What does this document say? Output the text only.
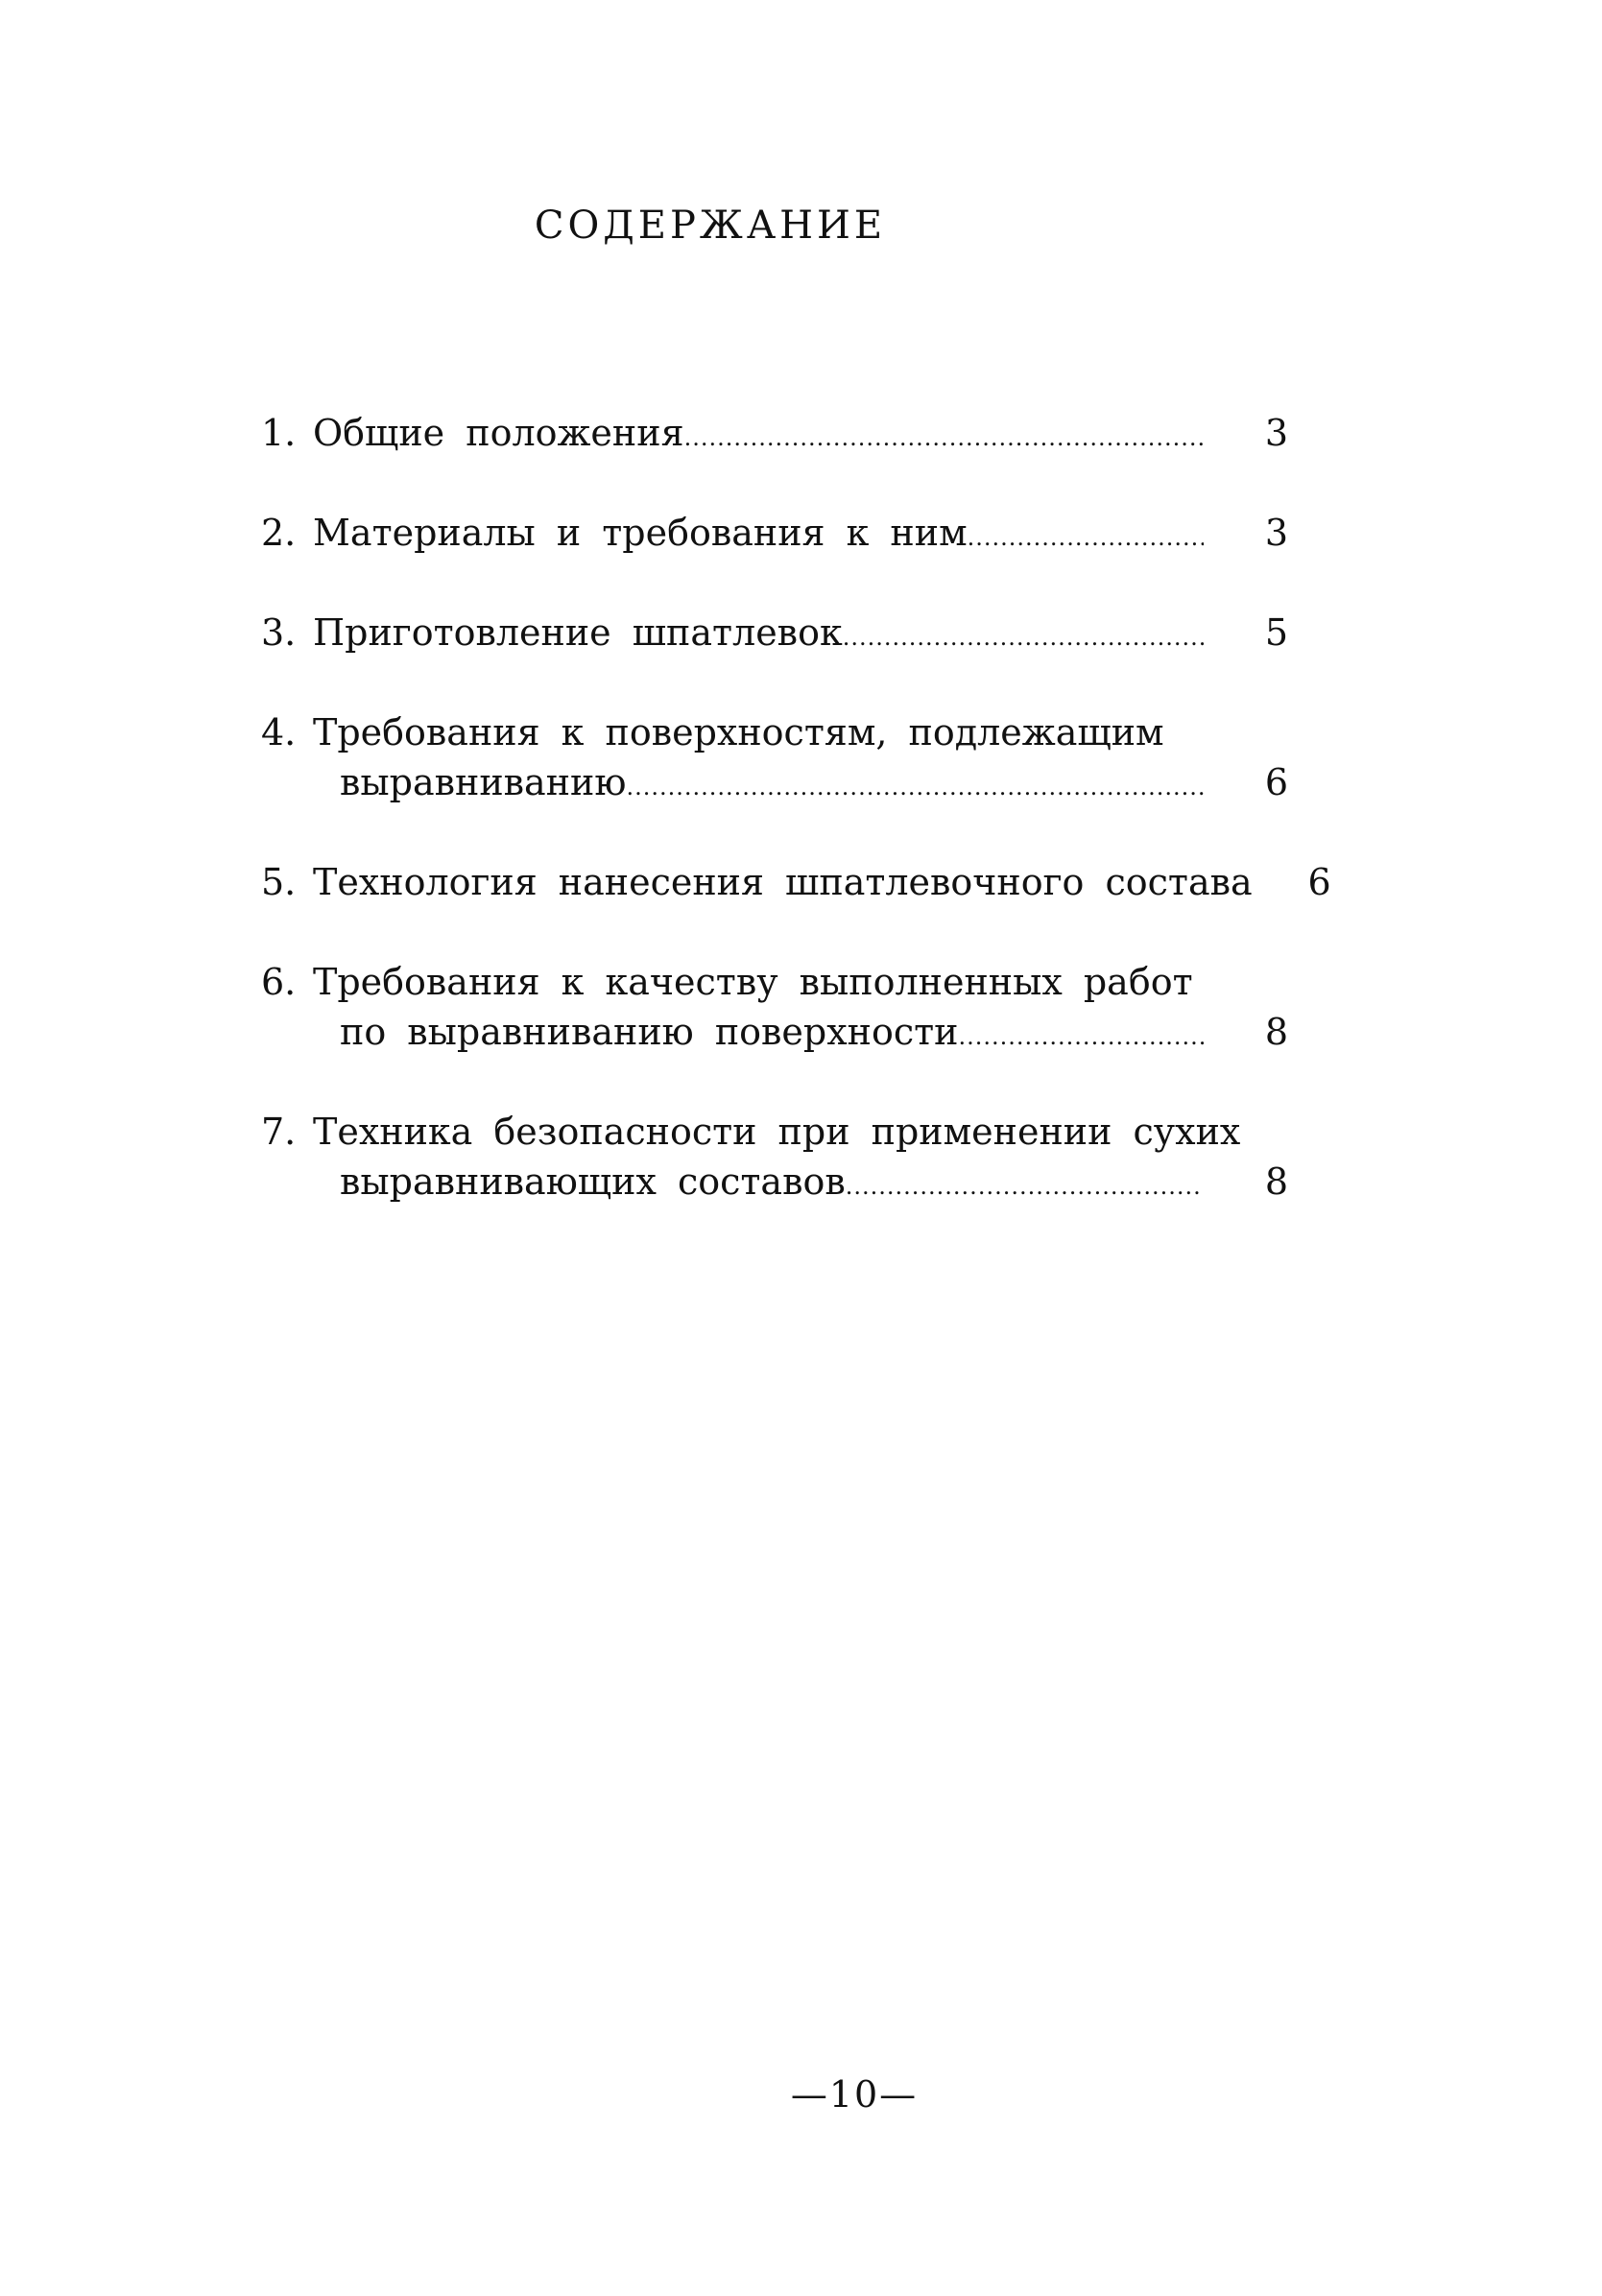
СОДЕРЖАНИЕ
1. Общие положения .....	3
2. Материалы и требования к ним .....	3
3. Приготовление шпатлевок .....	5
4. Требования к поверхностям, подлежащим
выравниванию .....	6
5. Технология нанесения шпатлевочного состава	6
6. Требования к качеству выполненных работ
по выравниванию поверхности .....	8
7. Техника безопасности при применении сухих
выравнивающих составов .....	8
—10—
